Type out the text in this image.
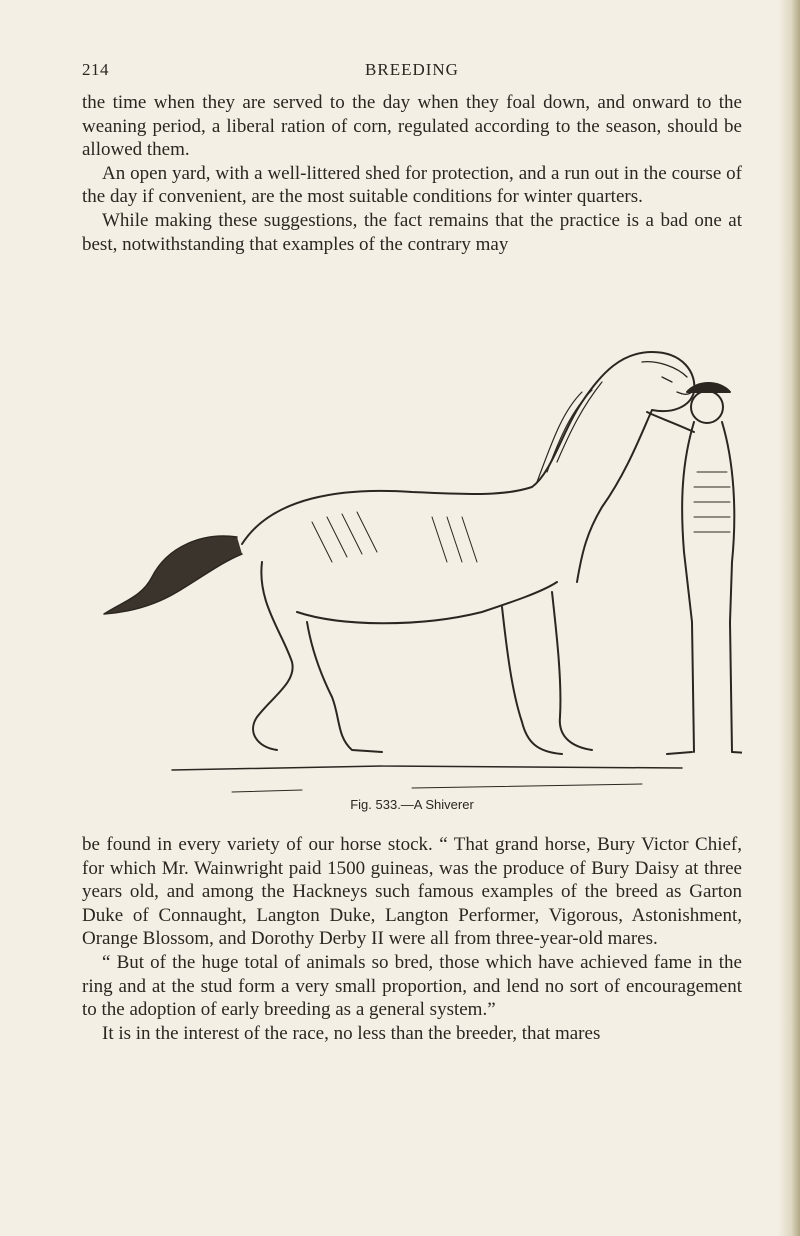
214	BREEDING

the time when they are served to the day when they foal down, and onward to the weaning period, a liberal ration of corn, regulated according to the season, should be allowed them.

An open yard, with a well-littered shed for protection, and a run out in the course of the day if convenient, are the most suitable conditions for winter quarters.

While making these suggestions, the fact remains that the practice is a bad one at best, notwithstanding that examples of the contrary may

Fig. 533.—A Shiverer

be found in every variety of our horse stock. “ That grand horse, Bury Victor Chief, for which Mr. Wainwright paid 1500 guineas, was the produce of Bury Daisy at three years old, and among the Hackneys such famous examples of the breed as Garton Duke of Connaught, Langton Duke, Langton Performer, Vigorous, Astonishment, Orange Blossom, and Dorothy Derby II were all from three-year-old mares.

“ But of the huge total of animals so bred, those which have achieved fame in the ring and at the stud form a very small proportion, and lend no sort of encouragement to the adoption of early breeding as a general system.”

It is in the interest of the race, no less than the breeder, that mares
